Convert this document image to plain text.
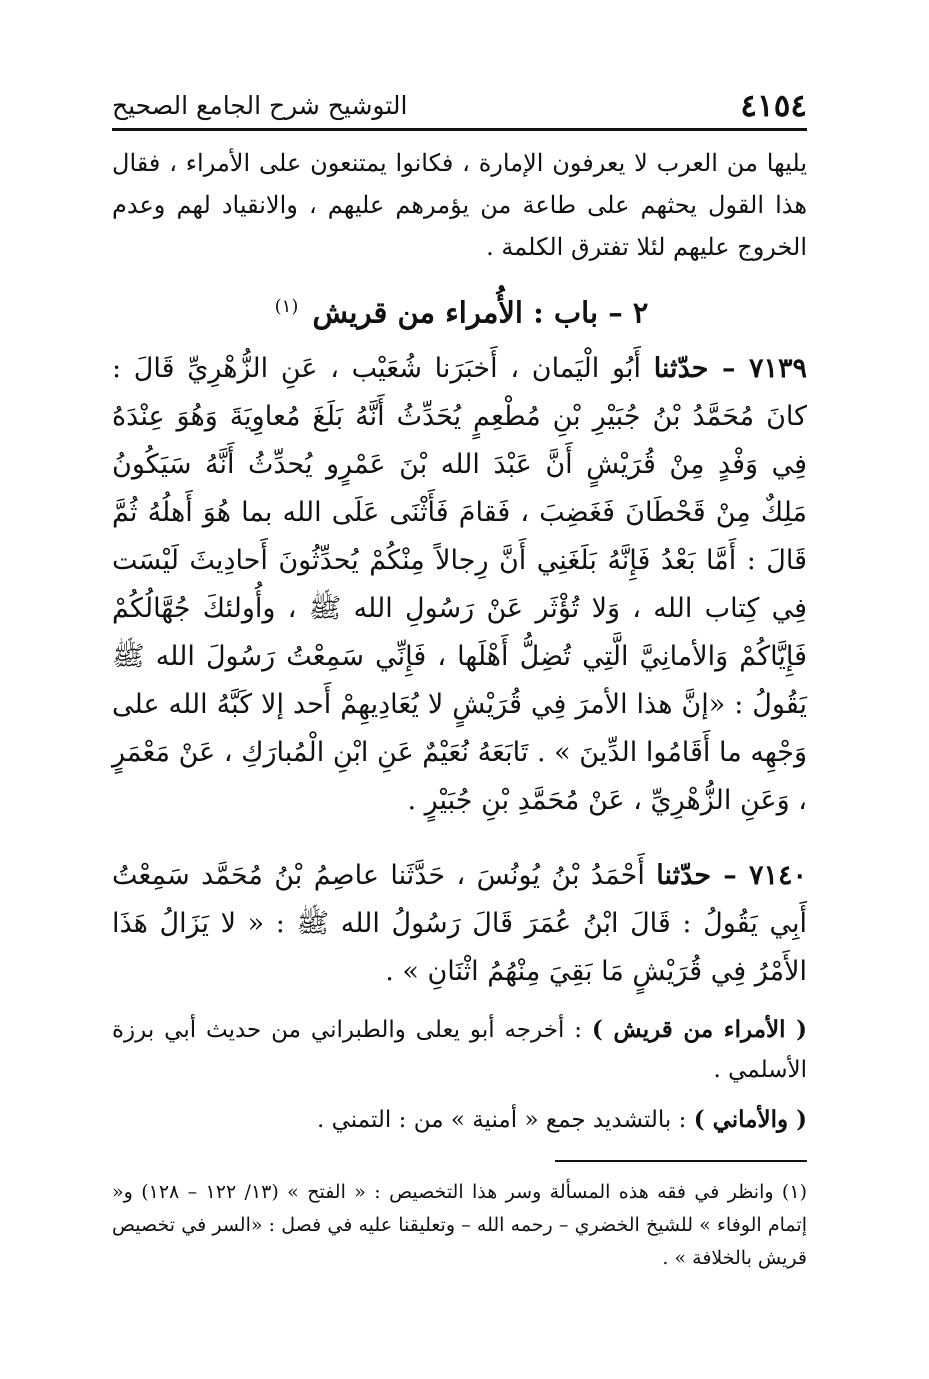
٤١٥٤
التوشيح شرح الجامع الصحيح
يليها من العرب لا يعرفون الإمارة ، فكانوا يمتنعون على الأمراء ، فقال هذا القول يحثهم على طاعة من يؤمرهم عليهم ، والانقياد لهم وعدم الخروج عليهم لئلا تفترق الكلمة .
٢ – باب : الأُمراء من قريش $^{(١)}$
٧١٣٩ – حدّثنا أَبُو الْيَمان ، أَخبَرَنا شُعَيْب ، عَنِ الزُّهْرِيِّ قَالَ : كانَ مُحَمَّدُ بْنُ جُبَيْرِ بْنِ مُطْعِمٍ يُحَدِّثُ أَنَّهُ بَلَغَ مُعاوِيَةَ وَهُوَ عِنْدَهُ فِي وَفْدٍ مِنْ قُرَيْشٍ أَنَّ عَبْدَ الله بْنَ عَمْرٍو يُحدِّثُ أَنَّهُ سَيَكُونُ مَلِكٌ مِنْ قَحْطَانَ فَغَضِبَ ، فَقامَ فَأَثْنَى عَلَى الله بما هُوَ أَهلُهُ ثُمَّ قَالَ : أَمَّا بَعْدُ فَإِنَّهُ بَلَغَنِي أَنَّ رِجالاً مِنْكُمْ يُحدِّثُونَ أَحادِيثَ لَيْسَت فِي كِتاب الله ، وَلا تُؤْثَر عَنْ رَسُولِ الله ﷺ ، وأُولئكَ جُهَّالُكُمْ فَإِيَّاكُمْ وَالأمانِيَّ الَّتِي تُضِلُّ أَهْلَها ، فَإِنِّي سَمِعْتُ رَسُولَ الله ﷺ يَقُولُ : «إنَّ هذا الأمرَ فِي قُرَيْشٍ لا يُعَادِيهِمْ أَحد إلا كَبَّهُ الله على وَجْهِه ما أَقَامُوا الدِّينَ » . تَابَعَهُ نُعَيْمٌ عَنِ ابْنِ الْمُبارَكِ ، عَنْ مَعْمَرٍ ، وَعَنِ الزُّهْرِيِّ ، عَنْ مُحَمَّدِ بْنِ جُبَيْرٍ .
٧١٤٠ – حدّثنا أَحْمَدُ بْنُ يُونُسَ ، حَدَّثَنا عاصِمُ بْنُ مُحَمَّد سَمِعْتُ أَبِي يَقُولُ : قَالَ ابْنُ عُمَرَ قَالَ رَسُولُ الله ﷺ : « لا يَزَالُ هَذَا الأَمْرُ فِي قُرَيْشٍ مَا بَقِيَ مِنْهُمُ اثْنَانِ » .
( الأمراء من قريش ) : أخرجه أبو يعلى والطبراني من حديث أبي برزة الأسلمي .
( والأماني ) : بالتشديد جمع « أمنية » من : التمني .
(١) وانظر في فقه هذه المسألة وسر هذا التخصيص : « الفتح » (١٣/ ١٢٢ – ١٢٨) و« إتمام الوفاء » للشيخ الخضري – رحمه الله – وتعليقنا عليه في فصل : «السر في تخصيص قريش بالخلافة » .
